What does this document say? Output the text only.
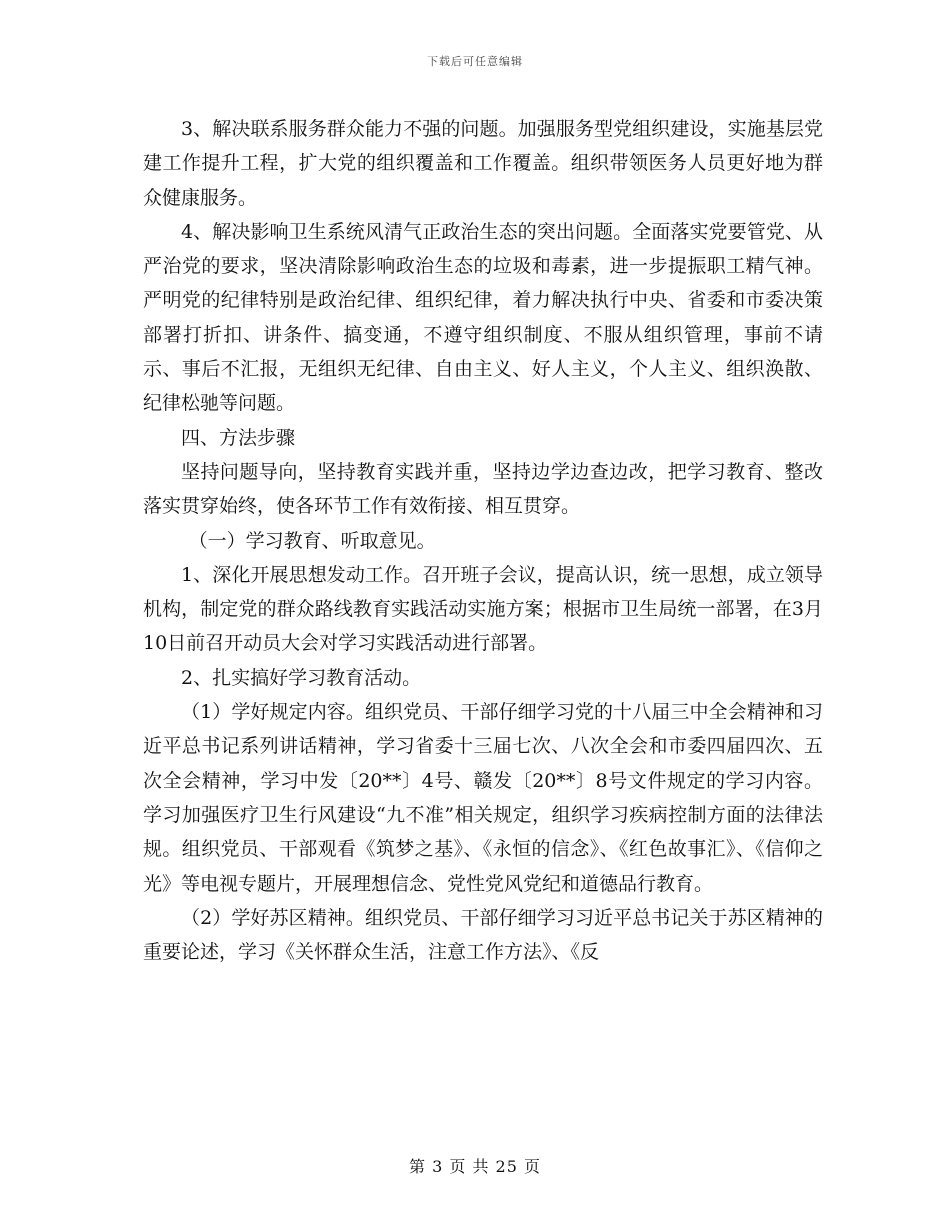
下载后可任意编辑

3、解决联系服务群众能力不强的问题。加强服务型党组织建设，实施基层党建工作提升工程，扩大党的组织覆盖和工作覆盖。组织带领医务人员更好地为群众健康服务。

4、解决影响卫生系统风清气正政治生态的突出问题。全面落实党要管党、从严治党的要求，坚决清除影响政治生态的垃圾和毒素，进一步提振职工精气神。严明党的纪律特别是政治纪律、组织纪律，着力解决执行中央、省委和市委决策部署打折扣、讲条件、搞变通，不遵守组织制度、不服从组织管理，事前不请示、事后不汇报，无组织无纪律、自由主义、好人主义，个人主义、组织涣散、纪律松驰等问题。

四、方法步骤

坚持问题导向，坚持教育实践并重，坚持边学边查边改，把学习教育、整改落实贯穿始终，使各环节工作有效衔接、相互贯穿。

（一）学习教育、听取意见。

1、深化开展思想发动工作。召开班子会议，提高认识，统一思想，成立领导机构，制定党的群众路线教育实践活动实施方案；根据市卫生局统一部署，在3月10日前召开动员大会对学习实践活动进行部署。

2、扎实搞好学习教育活动。

（1）学好规定内容。组织党员、干部仔细学习党的十八届三中全会精神和习近平总书记系列讲话精神，学习省委十三届七次、八次全会和市委四届四次、五次全会精神，学习中发〔20**〕4号、赣发〔20**〕8号文件规定的学习内容。学习加强医疗卫生行风建设“九不准”相关规定，组织学习疾病控制方面的法律法规。组织党员、干部观看《筑梦之基》、《永恒的信念》、《红色故事汇》、《信仰之光》等电视专题片，开展理想信念、党性党风党纪和道德品行教育。

（2）学好苏区精神。组织党员、干部仔细学习习近平总书记关于苏区精神的重要论述，学习《关怀群众生活，注意工作方法》、《反

第 3 页 共 25 页
